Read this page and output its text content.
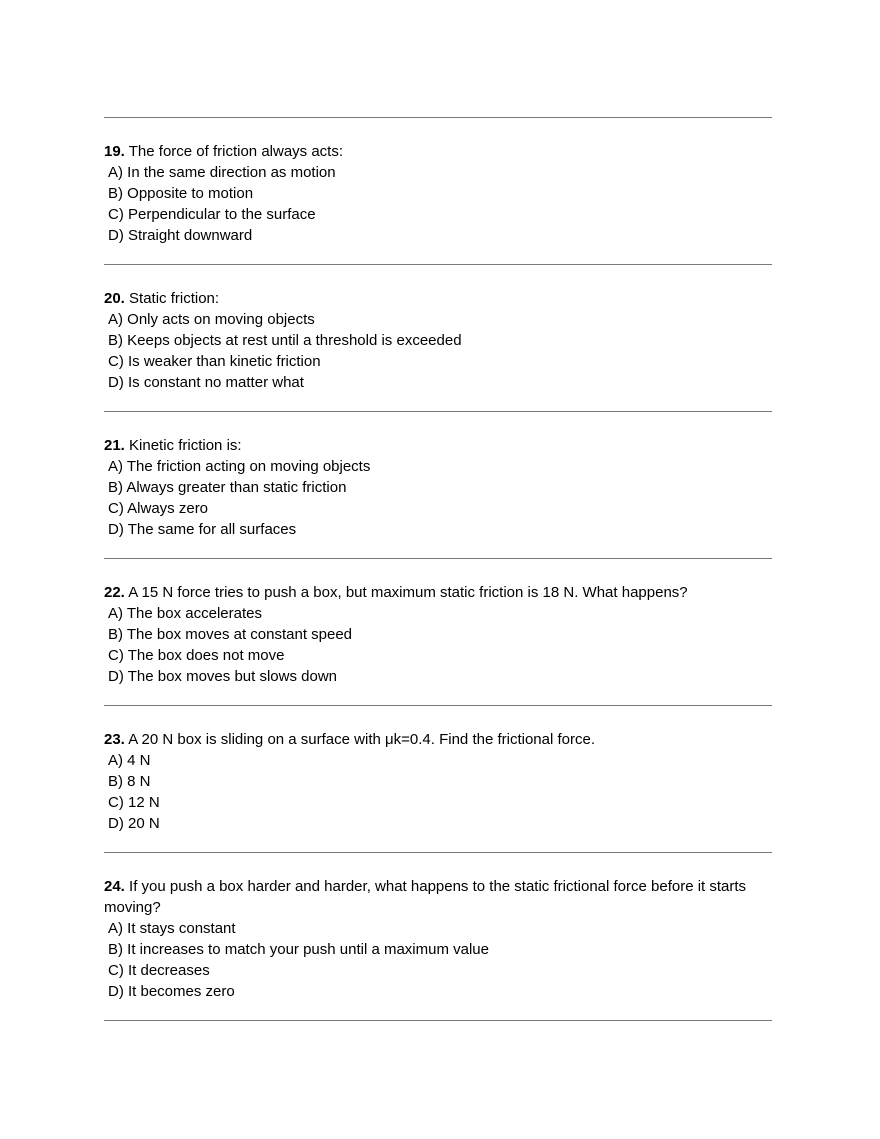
19. The force of friction always acts:

A) In the same direction as motion

B) Opposite to motion

C) Perpendicular to the surface

D) Straight downward

20. Static friction:

A) Only acts on moving objects

B) Keeps objects at rest until a threshold is exceeded

C) Is weaker than kinetic friction

D) Is constant no matter what

21. Kinetic friction is:

A) The friction acting on moving objects

B) Always greater than static friction

C) Always zero

D) The same for all surfaces

22. A 15 N force tries to push a box, but maximum static friction is 18 N. What happens?

A) The box accelerates

B) The box moves at constant speed

C) The box does not move

D) The box moves but slows down

23. A 20 N box is sliding on a surface with μk=0.4. Find the frictional force.

A) 4 N

B) 8 N

C) 12 N

D) 20 N

24. If you push a box harder and harder, what happens to the static frictional force before it starts moving?

A) It stays constant

B) It increases to match your push until a maximum value

C) It decreases

D) It becomes zero
